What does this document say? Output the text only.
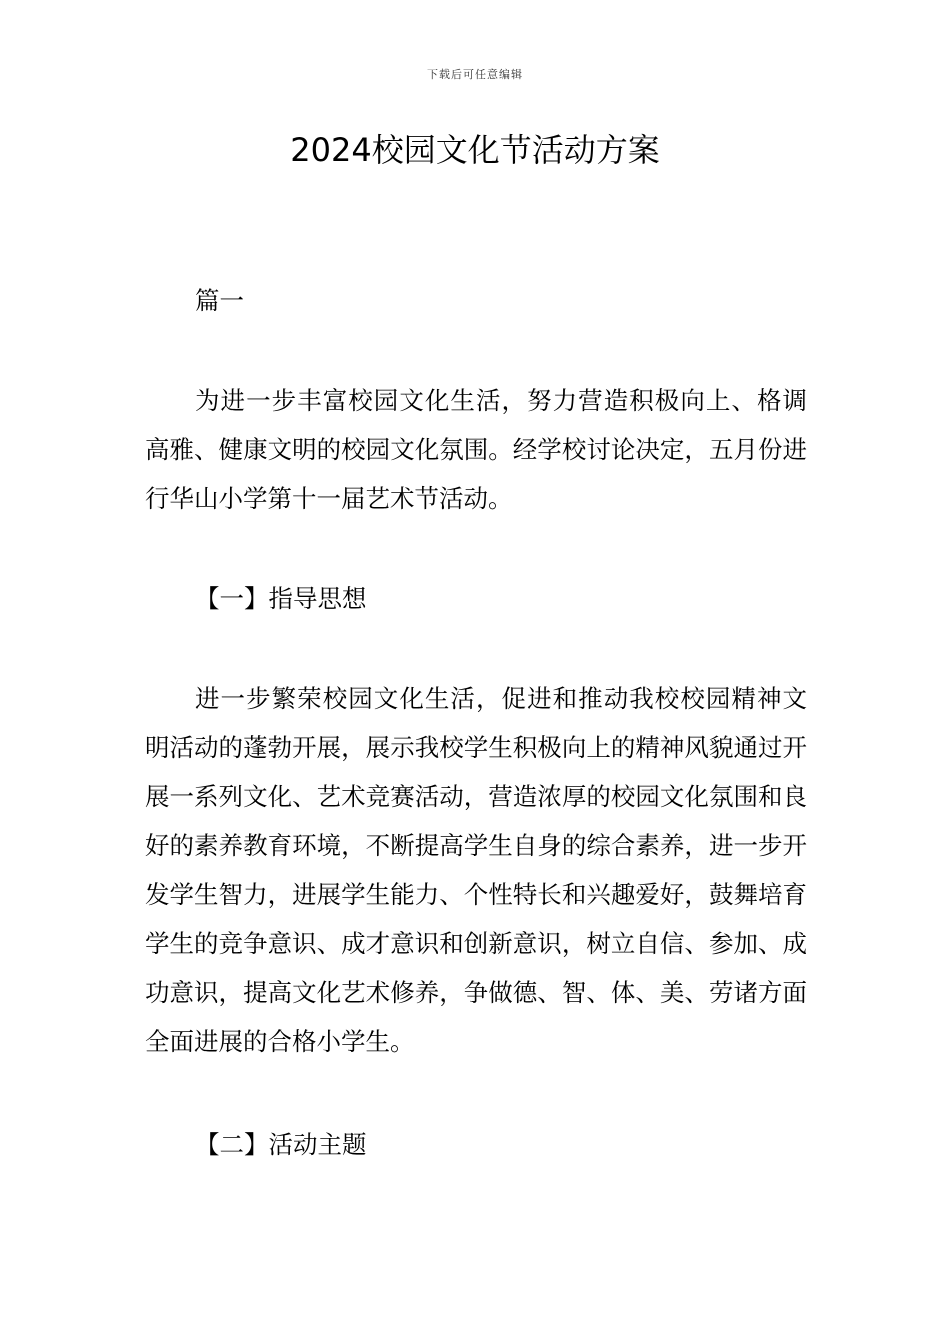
下载后可任意编辑
2024校园文化节活动方案

篇一

为进一步丰富校园文化生活，努力营造积极向上、格调高雅、健康文明的校园文化氛围。经学校讨论决定，五月份进行华山小学第十一届艺术节活动。

【一】指导思想

进一步繁荣校园文化生活，促进和推动我校校园精神文明活动的蓬勃开展，展示我校学生积极向上的精神风貌通过开展一系列文化、艺术竞赛活动，营造浓厚的校园文化氛围和良好的素养教育环境，不断提高学生自身的综合素养，进一步开发学生智力，进展学生能力、个性特长和兴趣爱好，鼓舞培育学生的竞争意识、成才意识和创新意识，树立自信、参加、成功意识，提高文化艺术修养，争做德、智、体、美、劳诸方面全面进展的合格小学生。

【二】活动主题
